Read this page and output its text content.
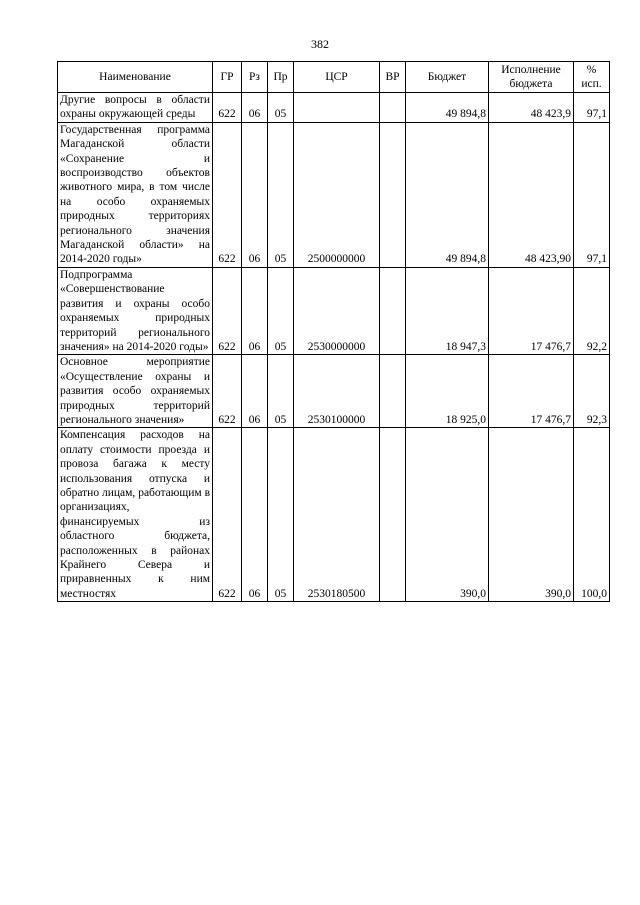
382
Наименование	ГР	Рз	Пр	ЦСР	ВР	Бюджет	Исполнение бюджета	% исп.
Другие вопросы в области охраны окружающей среды	622	06	05			49 894,8	48 423,9	97,1
Государственная программа Магаданской области «Сохранение и воспроизводство объектов животного мира, в том числе на особо охраняемых природных территориях регионального значения Магаданской области» на 2014-2020 годы»	622	06	05	2500000000		49 894,8	48 423,90	97,1
Подпрограмма «Совершенствование развития и охраны особо охраняемых природных территорий регионального значения» на 2014-2020 годы»	622	06	05	2530000000		18 947,3	17 476,7	92,2
Основное мероприятие «Осуществление охраны и развития особо охраняемых природных территорий регионального значения»	622	06	05	2530100000		18 925,0	17 476,7	92,3
Компенсация расходов на оплату стоимости проезда и провоза багажа к месту использования отпуска и обратно лицам, работающим в организациях, финансируемых из областного бюджета, расположенных в районах Крайнего Севера и приравненных к ним местностях	622	06	05	2530180500		390,0	390,0	100,0
